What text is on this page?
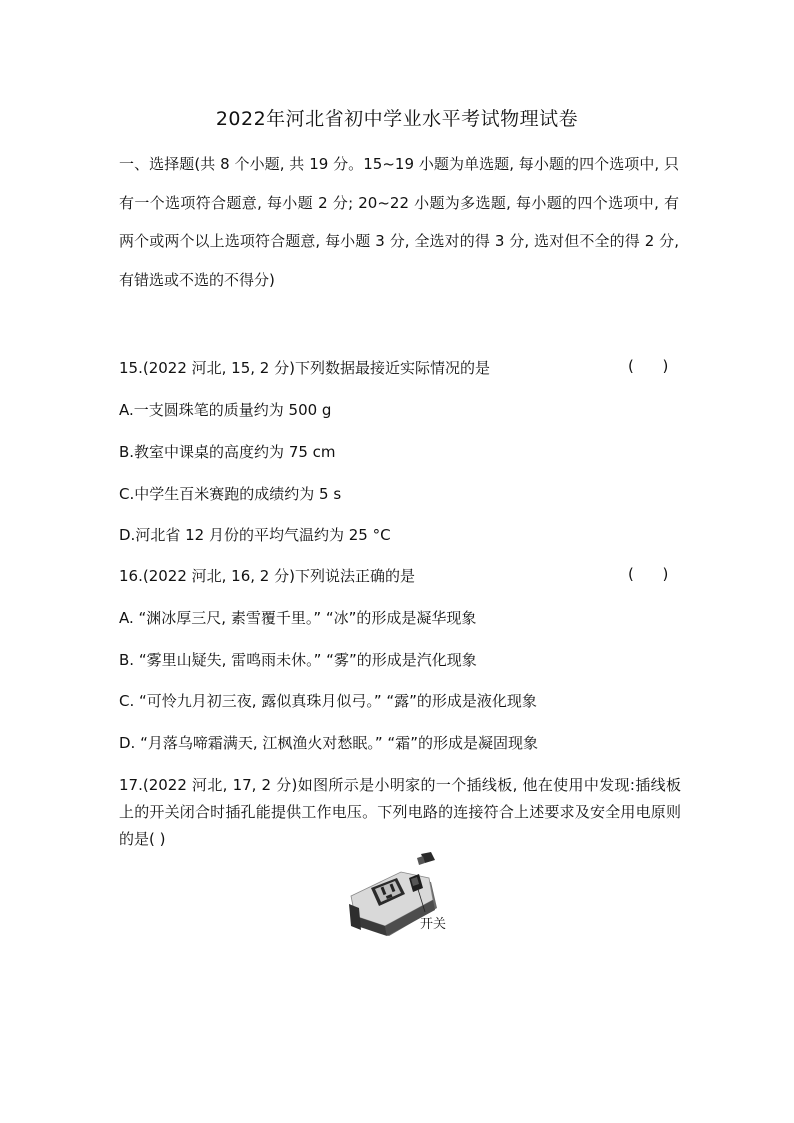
2022年河北省初中学业水平考试物理试卷

一、选择题(共 8 个小题, 共 19 分。15~19 小题为单选题, 每小题的四个选项中, 只有一个选项符合题意, 每小题 2 分; 20~22 小题为多选题, 每小题的四个选项中, 有两个或两个以上选项符合题意, 每小题 3 分, 全选对的得 3 分, 选对但不全的得 2 分, 有错选或不选的不得分)

15.(2022 河北, 15, 2 分)下列数据最接近实际情况的是	(      )
A.一支圆珠笔的质量约为 500 g
B.教室中课桌的高度约为 75 cm
C.中学生百米赛跑的成绩约为 5 s
D.河北省 12 月份的平均气温约为 25 °C
16.(2022 河北, 16, 2 分)下列说法正确的是	(      )
A. “渊冰厚三尺, 素雪覆千里。” “冰”的形成是凝华现象
B. “雾里山疑失, 雷鸣雨未休。” “雾”的形成是汽化现象
C. “可怜九月初三夜, 露似真珠月似弓。” “露”的形成是液化现象
D. “月落乌啼霜满天, 江枫渔火对愁眠。” “霜”的形成是凝固现象

17.(2022 河北, 17, 2 分)如图所示是小明家的一个插线板, 他在使用中发现:插线板上的开关闭合时插孔能提供工作电压。下列电路的连接符合上述要求及安全用电原则的是( )

开关
